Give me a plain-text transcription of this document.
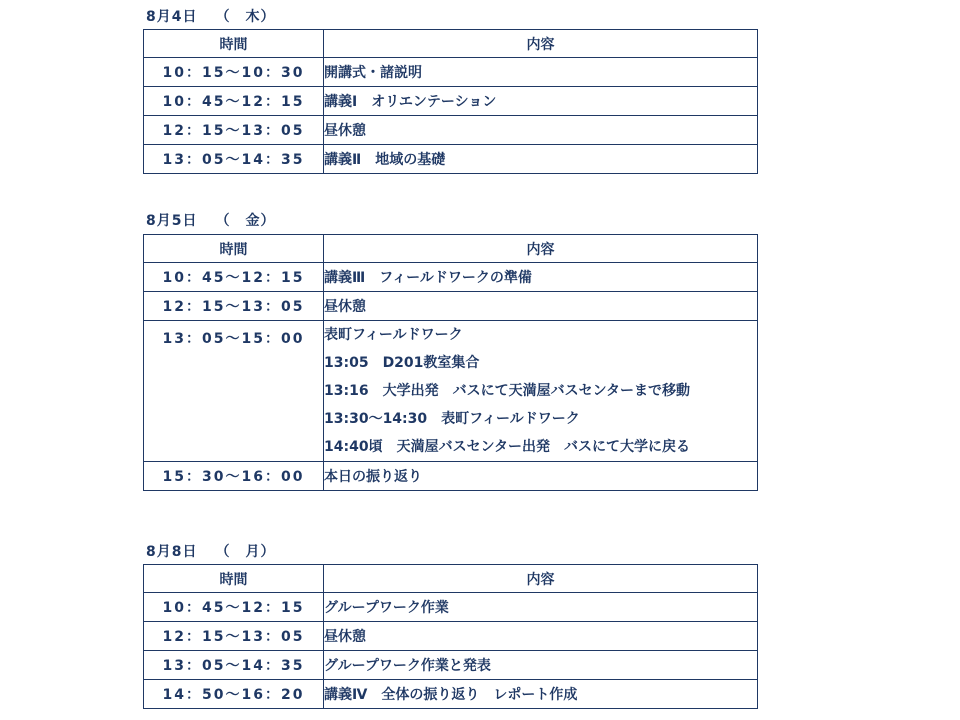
8月4日 （　木）
時間	内容
10：15〜10：30	開講式・諸説明
10：45〜12：15	講義Ⅰ　オリエンテーション
12：15〜13：05	昼休憩
13：05〜14：35	講義Ⅱ　地域の基礎
8月5日 （　金）
時間	内容
10：45〜12：15	講義Ⅲ　フィールドワークの準備
12：15〜13：05	昼休憩
13：05〜15：00	表町フィールドワーク
13:05　D201教室集合
13:16　大学出発　バスにて天満屋バスセンターまで移動
13:30〜14:30　表町フィールドワーク
14:40頃　天満屋バスセンター出発　バスにて大学に戻る

15：30〜16：00	本日の振り返り
8月8日 （　月）
時間	内容
10：45〜12：15	グループワーク作業
12：15〜13：05	昼休憩
13：05〜14：35	グループワーク作業と発表
14：50〜16：20	講義Ⅳ　全体の振り返り　レポート作成
